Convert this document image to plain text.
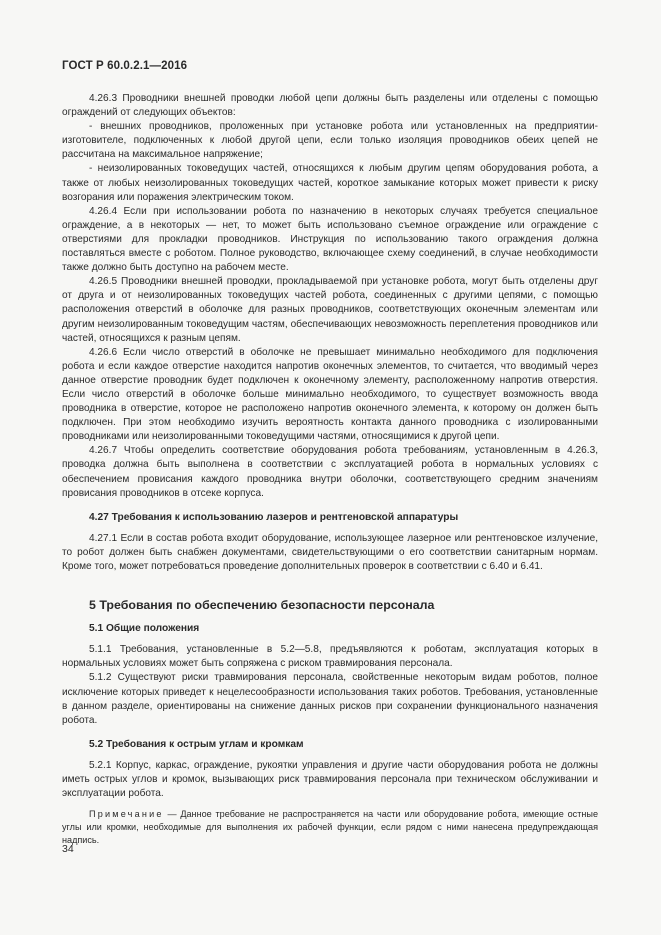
ГОСТ Р 60.0.2.1—2016

4.26.3 Проводники внешней проводки любой цепи должны быть разделены или отделены с помощью ограждений от следующих объектов:

- внешних проводников, проложенных при установке робота или установленных на предприятии-изготовителе, подключенных к любой другой цепи, если только изоляция проводников обеих цепей не рассчитана на максимальное напряжение;

- неизолированных токоведущих частей, относящихся к любым другим цепям оборудования робота, а также от любых неизолированных токоведущих частей, короткое замыкание которых может привести к риску возгорания или поражения электрическим током.

4.26.4 Если при использовании робота по назначению в некоторых случаях требуется специальное ограждение, а в некоторых — нет, то может быть использовано съемное ограждение или ограждение с отверстиями для прокладки проводников. Инструкция по использованию такого ограждения должна поставляться вместе с роботом. Полное руководство, включающее схему соединений, в случае необходимости также должно быть доступно на рабочем месте.

4.26.5 Проводники внешней проводки, прокладываемой при установке робота, могут быть отделены друг от друга и от неизолированных токоведущих частей робота, соединенных с другими цепями, с помощью расположения отверстий в оболочке для разных проводников, соответствующих оконечным элементам или другим неизолированным токоведущим частям, обеспечивающих невозможность переплетения проводников или частей, относящихся к разным цепям.

4.26.6 Если число отверстий в оболочке не превышает минимально необходимого для подключения робота и если каждое отверстие находится напротив оконечных элементов, то считается, что вводимый через данное отверстие проводник будет подключен к оконечному элементу, расположенному напротив отверстия. Если число отверстий в оболочке больше минимально необходимого, то существует возможность ввода проводника в отверстие, которое не расположено напротив оконечного элемента, к которому он должен быть подключен. При этом необходимо изучить вероятность контакта данного проводника с изолированными проводниками или неизолированными токоведущими частями, относящимися к другой цепи.

4.26.7 Чтобы определить соответствие оборудования робота требованиям, установленным в 4.26.3, проводка должна быть выполнена в соответствии с эксплуатацией робота в нормальных условиях с обеспечением провисания каждого проводника внутри оболочки, соответствующего средним значениям провисания проводников в отсеке корпуса.

4.27 Требования к использованию лазеров и рентгеновской аппаратуры

4.27.1 Если в состав робота входит оборудование, использующее лазерное или рентгеновское излучение, то робот должен быть снабжен документами, свидетельствующими о его соответствии санитарным нормам. Кроме того, может потребоваться проведение дополнительных проверок в соответствии с 6.40 и 6.41.

5 Требования по обеспечению безопасности персонала
5.1 Общие положения

5.1.1 Требования, установленные в 5.2—5.8, предъявляются к роботам, эксплуатация которых в нормальных условиях может быть сопряжена с риском травмирования персонала.

5.1.2 Существуют риски травмирования персонала, свойственные некоторым видам роботов, полное исключение которых приведет к нецелесообразности использования таких роботов. Требования, установленные в данном разделе, ориентированы на снижение данных рисков при сохранении функционального назначения робота.

5.2 Требования к острым углам и кромкам

5.2.1 Корпус, каркас, ограждение, рукоятки управления и другие части оборудования робота не должны иметь острых углов и кромок, вызывающих риск травмирования персонала при техническом обслуживании и эксплуатации робота.

Примечание — Данное требование не распространяется на части или оборудование робота, имеющие остные углы или кромки, необходимые для выполнения их рабочей функции, если рядом с ними нанесена предупреждающая надпись.

34
